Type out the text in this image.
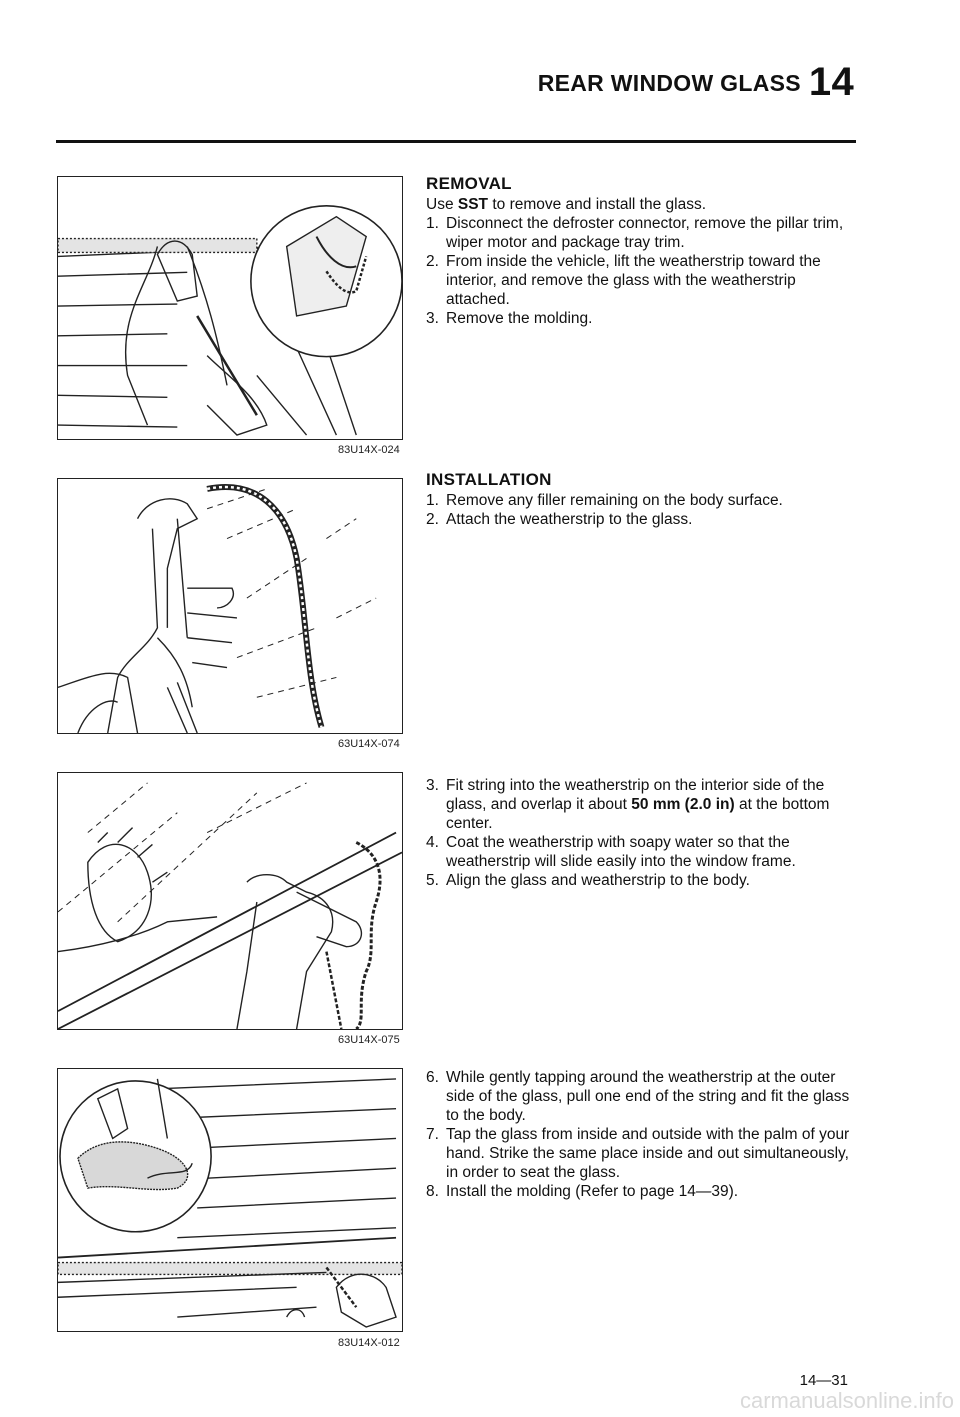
REAR WINDOW GLASS 14
83U14X-024
63U14X-074
63U14X-075
83U14X-012
REMOVAL

Use SST to remove and install the glass.

1. Disconnect the defroster connector, remove the pillar trim, wiper motor and package tray trim.
2. From inside the vehicle, lift the weatherstrip toward the interior, and remove the glass with the weatherstrip attached.
3. Remove the molding.
INSTALLATION
1. Remove any filler remaining on the body surface.
2. Attach the weatherstrip to the glass.
3. Fit string into the weatherstrip on the interior side of the glass, and overlap it about 50 mm (2.0 in) at the bottom center.
4. Coat the weatherstrip with soapy water so that the weatherstrip will slide easily into the window frame.
5. Align the glass and weatherstrip to the body.
6. While gently tapping around the weatherstrip at the outer side of the glass, pull one end of the string and fit the glass to the body.
7. Tap the glass from inside and outside with the palm of your hand. Strike the same place inside and out simultaneously, in order to seat the glass.
8. Install the molding (Refer to page 14—39).
14—31
carmanualsonline.info
